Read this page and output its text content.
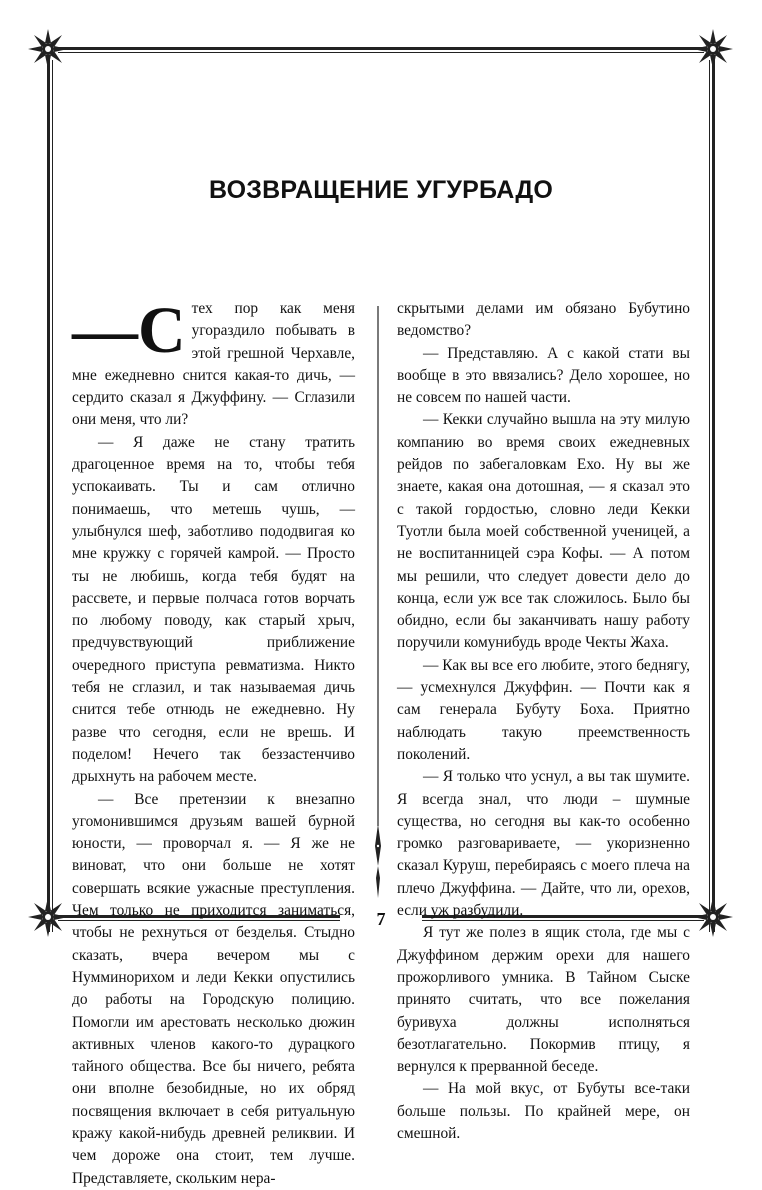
ВОЗВРАЩЕНИЕ УГУРБАДО

—С тех пор как меня угораздило побывать в этой грешной Черхавле, мне ежедневно снится какая-то дичь, — сердито сказал я Джуффину. — Сглазили они меня, что ли?

— Я даже не стану тратить драгоценное время на то, чтобы тебя успокаивать. Ты и сам отлично понимаешь, что метешь чушь, — улыбнулся шеф, заботливо пододвигая ко мне кружку с горячей камрой. — Просто ты не любишь, когда тебя будят на рассвете, и первые полчаса готов ворчать по любому поводу, как старый хрыч, предчувствующий приближение очередного приступа ревматизма. Никто тебя не сглазил, и так называемая дичь снится тебе отнюдь не ежедневно. Ну разве что сегодня, если не врешь. И поделом! Нечего так беззастенчиво дрыхнуть на рабочем месте.

— Все претензии к внезапно угомонившимся друзьям вашей бурной юности, — проворчал я. — Я же не виноват, что они больше не хотят совершать всякие ужасные преступления. Чем только не приходится заниматься, чтобы не рехнуться от безделья. Стыдно сказать, вчера вечером мы с Нумминорихом и леди Кекки опустились до работы на Городскую полицию. Помогли им арестовать несколько дюжин активных членов какого-то дурацкого тайного общества. Все бы ничего, ребята они вполне безобидные, но их обряд посвящения включает в себя ритуальную кражу какой-нибудь древней реликвии. И чем дороже она стоит, тем лучше. Представляете, скольким нера-

скрытыми делами им обязано Бубутино ведомство?

— Представляю. А с какой стати вы вообще в это ввязались? Дело хорошее, но не совсем по нашей части.

— Кекки случайно вышла на эту милую компанию во время своих ежедневных рейдов по забегаловкам Ехо. Ну вы же знаете, какая она дотошная, — я сказал это с такой гордостью, словно леди Кекки Туотли была моей собственной ученицей, а не воспитанницей сэра Кофы. — А потом мы решили, что следует довести дело до конца, если уж все так сложилось. Было бы обидно, если бы заканчивать нашу работу поручили комунибудь вроде Чекты Жаха.

— Как вы все его любите, этого беднягу, — усмехнулся Джуффин. — Почти как я сам генерала Бубуту Боха. Приятно наблюдать такую преемственность поколений.

— Я только что уснул, а вы так шумите. Я всегда знал, что люди – шумные существа, но сегодня вы как-то особенно громко разговариваете, — укоризненно сказал Куруш, перебираясь с моего плеча на плечо Джуффина. — Дайте, что ли, орехов, если уж разбудили.

Я тут же полез в ящик стола, где мы с Джуффином держим орехи для нашего прожорливого умника. В Тайном Сыске принято считать, что все пожелания буривуха должны исполняться безотлагательно. Покормив птицу, я вернулся к прерванной беседе.

— На мой вкус, от Бубуты все-таки больше пользы. По крайней мере, он смешной.

7
